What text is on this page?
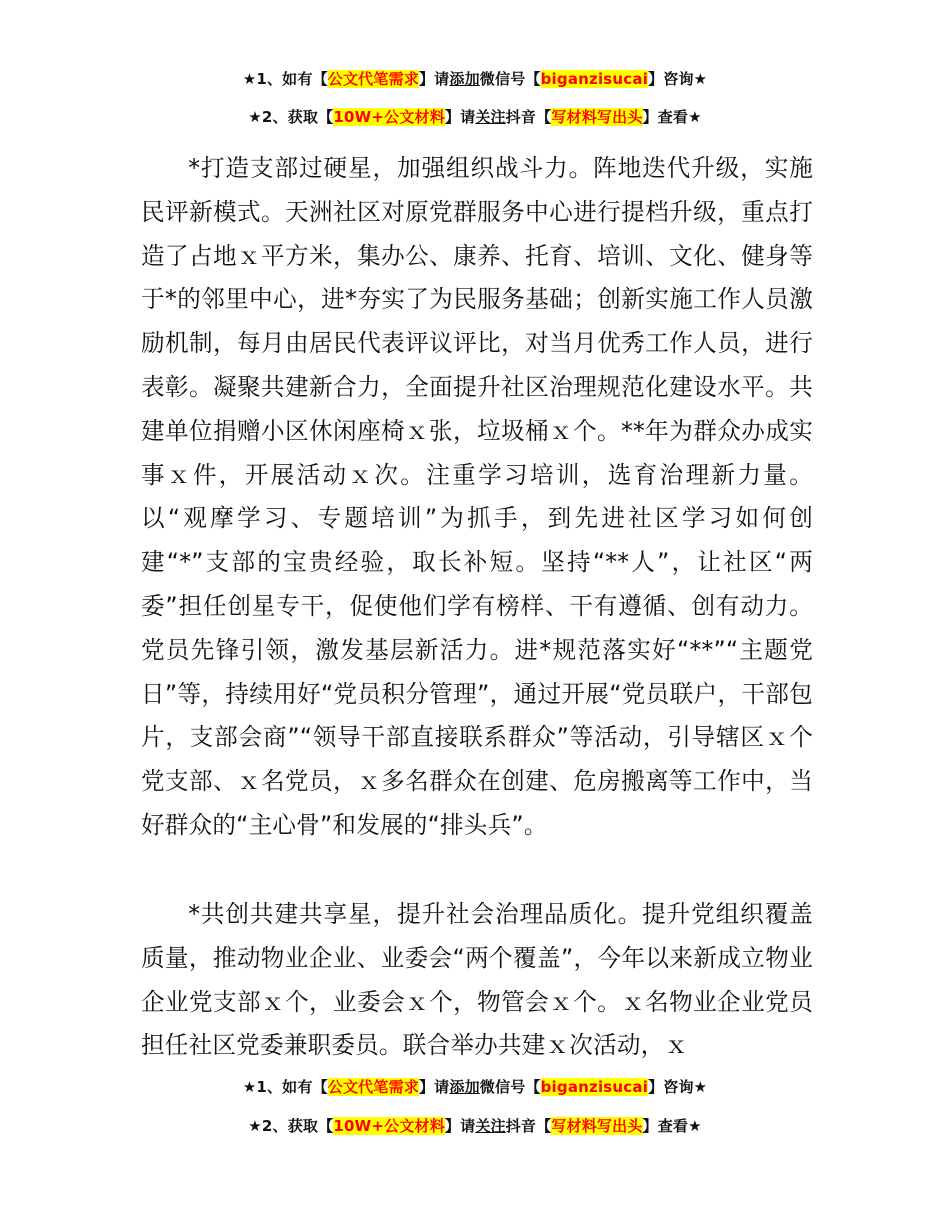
★1、如有【公文代笔需求】请添加微信号【biganzisucai】咨询★
★2、获取【10W+公文材料】请关注抖音【写材料写出头】查看★
*打造支部过硬星，加强组织战斗力。阵地迭代升级，实施民评新模式。天洲社区对原党群服务中心进行提档升级，重点打造了占地ｘ平方米，集办公、康养、托育、培训、文化、健身等于*的邻里中心，进*夯实了为民服务基础；创新实施工作人员激励机制，每月由居民代表评议评比，对当月优秀工作人员，进行表彰。凝聚共建新合力，全面提升社区治理规范化建设水平。共建单位捐赠小区休闲座椅ｘ张，垃圾桶ｘ个。**年为群众办成实事ｘ件，开展活动ｘ次。注重学习培训，选育治理新力量。以“观摩学习、专题培训”为抓手，到先进社区学习如何创建“*”支部的宝贵经验，取长补短。坚持“**人”，让社区“两委”担任创星专干，促使他们学有榜样、干有遵循、创有动力。党员先锋引领，激发基层新活力。进*规范落实好“**”“主题党日”等，持续用好“党员积分管理”，通过开展“党员联户，干部包片，支部会商”“领导干部直接联系群众”等活动，引导辖区ｘ个党支部、ｘ名党员，ｘ多名群众在创建、危房搬离等工作中，当好群众的“主心骨”和发展的“排头兵”。
*共创共建共享星，提升社会治理品质化。提升党组织覆盖质量，推动物业企业、业委会“两个覆盖”，今年以来新成立物业企业党支部ｘ个，业委会ｘ个，物管会ｘ个。ｘ名物业企业党员担任社区党委兼职委员。联合举办共建ｘ次活动，ｘ
★1、如有【公文代笔需求】请添加微信号【biganzisucai】咨询★
★2、获取【10W+公文材料】请关注抖音【写材料写出头】查看★
